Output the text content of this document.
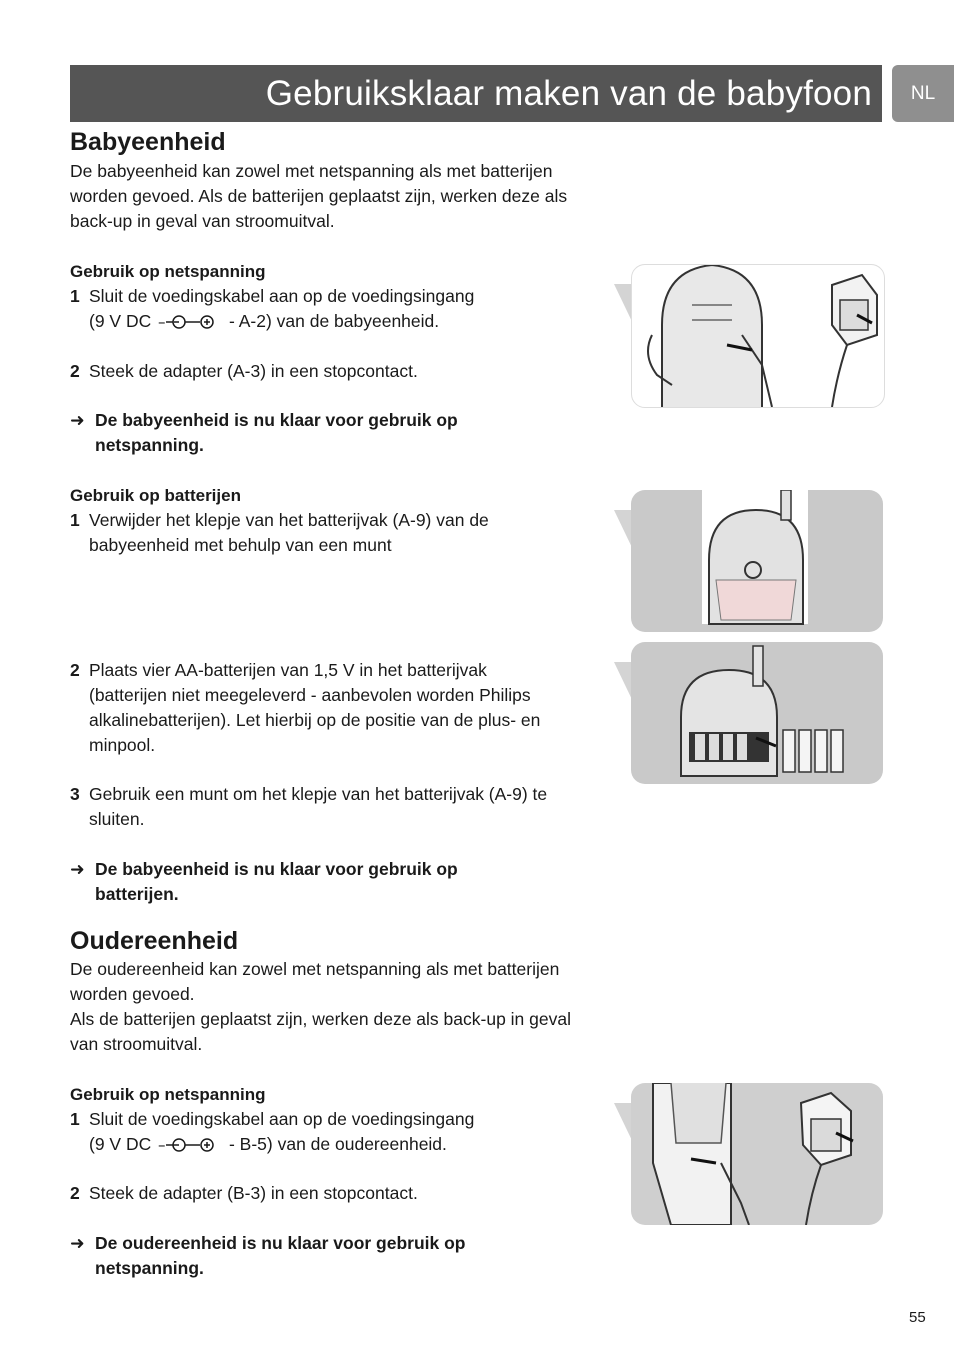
Gebruiksklaar maken van de babyfoon NL
Babyeenheid
De babyeenheid kan zowel met netspanning als met batterijen
worden gevoed. Als de batterijen geplaatst zijn, werken deze als
back-up in geval van stroomuitval.
Gebruik op netspanning
1 Sluit de voedingskabel aan op de voedingsingang
(9 V DC –	- A-2) van de babyeenheid.
2 Steek de adapter (A-3) in een stopcontact.
➜ De babyeenheid is nu klaar voor gebruik op
netspanning.
Gebruik op batterijen
1 Verwijder het klepje van het batterijvak (A-9) van de
babyeenheid met behulp van een munt
2 Plaats vier AA-batterijen van 1,5 V in het batterijvak
(batterijen niet meegeleverd - aanbevolen worden Philips
alkalinebatterijen). Let hierbij op de positie van de plus- en
minpool.
3 Gebruik een munt om het klepje van het batterijvak (A-9) te
sluiten.
➜ De babyeenheid is nu klaar voor gebruik op
batterijen.
Oudereenheid
De oudereenheid kan zowel met netspanning als met batterijen
worden gevoed.
Als de batterijen geplaatst zijn, werken deze als back-up in geval
van stroomuitval.
Gebruik op netspanning
1 Sluit de voedingskabel aan op de voedingsingang
(9 V DC –	- B-5) van de oudereenheid.
2 Steek de adapter (B-3) in een stopcontact.
➜ De oudereenheid is nu klaar voor gebruik op
netspanning.
55
